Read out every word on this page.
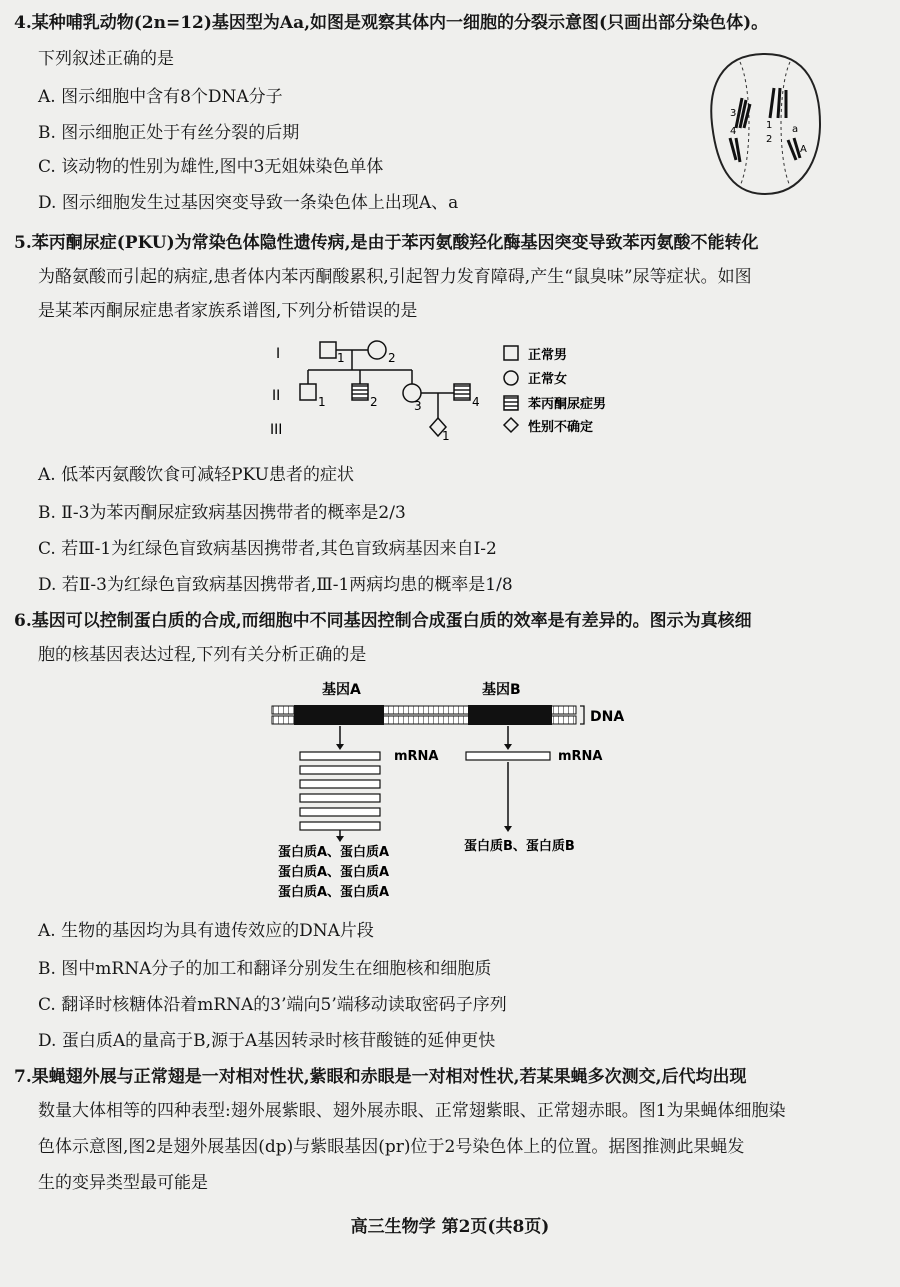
4.某种哺乳动物(2n=12)基因型为Aa,如图是观察其体内一细胞的分裂示意图(只画出部分染色体)。
下列叙述正确的是
A. 图示细胞中含有8个DNA分子
B. 图示细胞正处于有丝分裂的后期
C. 该动物的性别为雄性,图中3无姐妹染色单体
D. 图示细胞发生过基因突变导致一条染色体上出现A、a
3
4
1
2
a
A
5.苯丙酮尿症(PKU)为常染色体隐性遗传病,是由于苯丙氨酸羟化酶基因突变导致苯丙氨酸不能转化
为酪氨酸而引起的病症,患者体内苯丙酮酸累积,引起智力发育障碍,产生“鼠臭味”尿等症状。如图
是某苯丙酮尿症患者家族系谱图,下列分析错误的是
I
II
III
1	2
1	2	3	4
1
正常男
正常女
苯丙酮尿症男
性别不确定
A. 低苯丙氨酸饮食可减轻PKU患者的症状
B. Ⅱ-3为苯丙酮尿症致病基因携带者的概率是2/3
C. 若Ⅲ-1为红绿色盲致病基因携带者,其色盲致病基因来自Ⅰ-2
D. 若Ⅱ-3为红绿色盲致病基因携带者,Ⅲ-1两病均患的概率是1/8
6.基因可以控制蛋白质的合成,而细胞中不同基因控制合成蛋白质的效率是有差异的。图示为真核细
胞的核基因表达过程,下列有关分析正确的是
基因A	基因B
DNA
mRNA	mRNA
蛋白质A、蛋白质A
蛋白质A、蛋白质A
蛋白质A、蛋白质A
蛋白质B、蛋白质B
A. 生物的基因均为具有遗传效应的DNA片段
B. 图中mRNA分子的加工和翻译分别发生在细胞核和细胞质
C. 翻译时核糖体沿着mRNA的3’端向5’端移动读取密码子序列
D. 蛋白质A的量高于B,源于A基因转录时核苷酸链的延伸更快
7.果蝇翅外展与正常翅是一对相对性状,紫眼和赤眼是一对相对性状,若某果蝇多次测交,后代均出现
数量大体相等的四种表型:翅外展紫眼、翅外展赤眼、正常翅紫眼、正常翅赤眼。图1为果蝇体细胞染
色体示意图,图2是翅外展基因(dp)与紫眼基因(pr)位于2号染色体上的位置。据图推测此果蝇发
生的变异类型最可能是
高三生物学 第2页(共8页)
